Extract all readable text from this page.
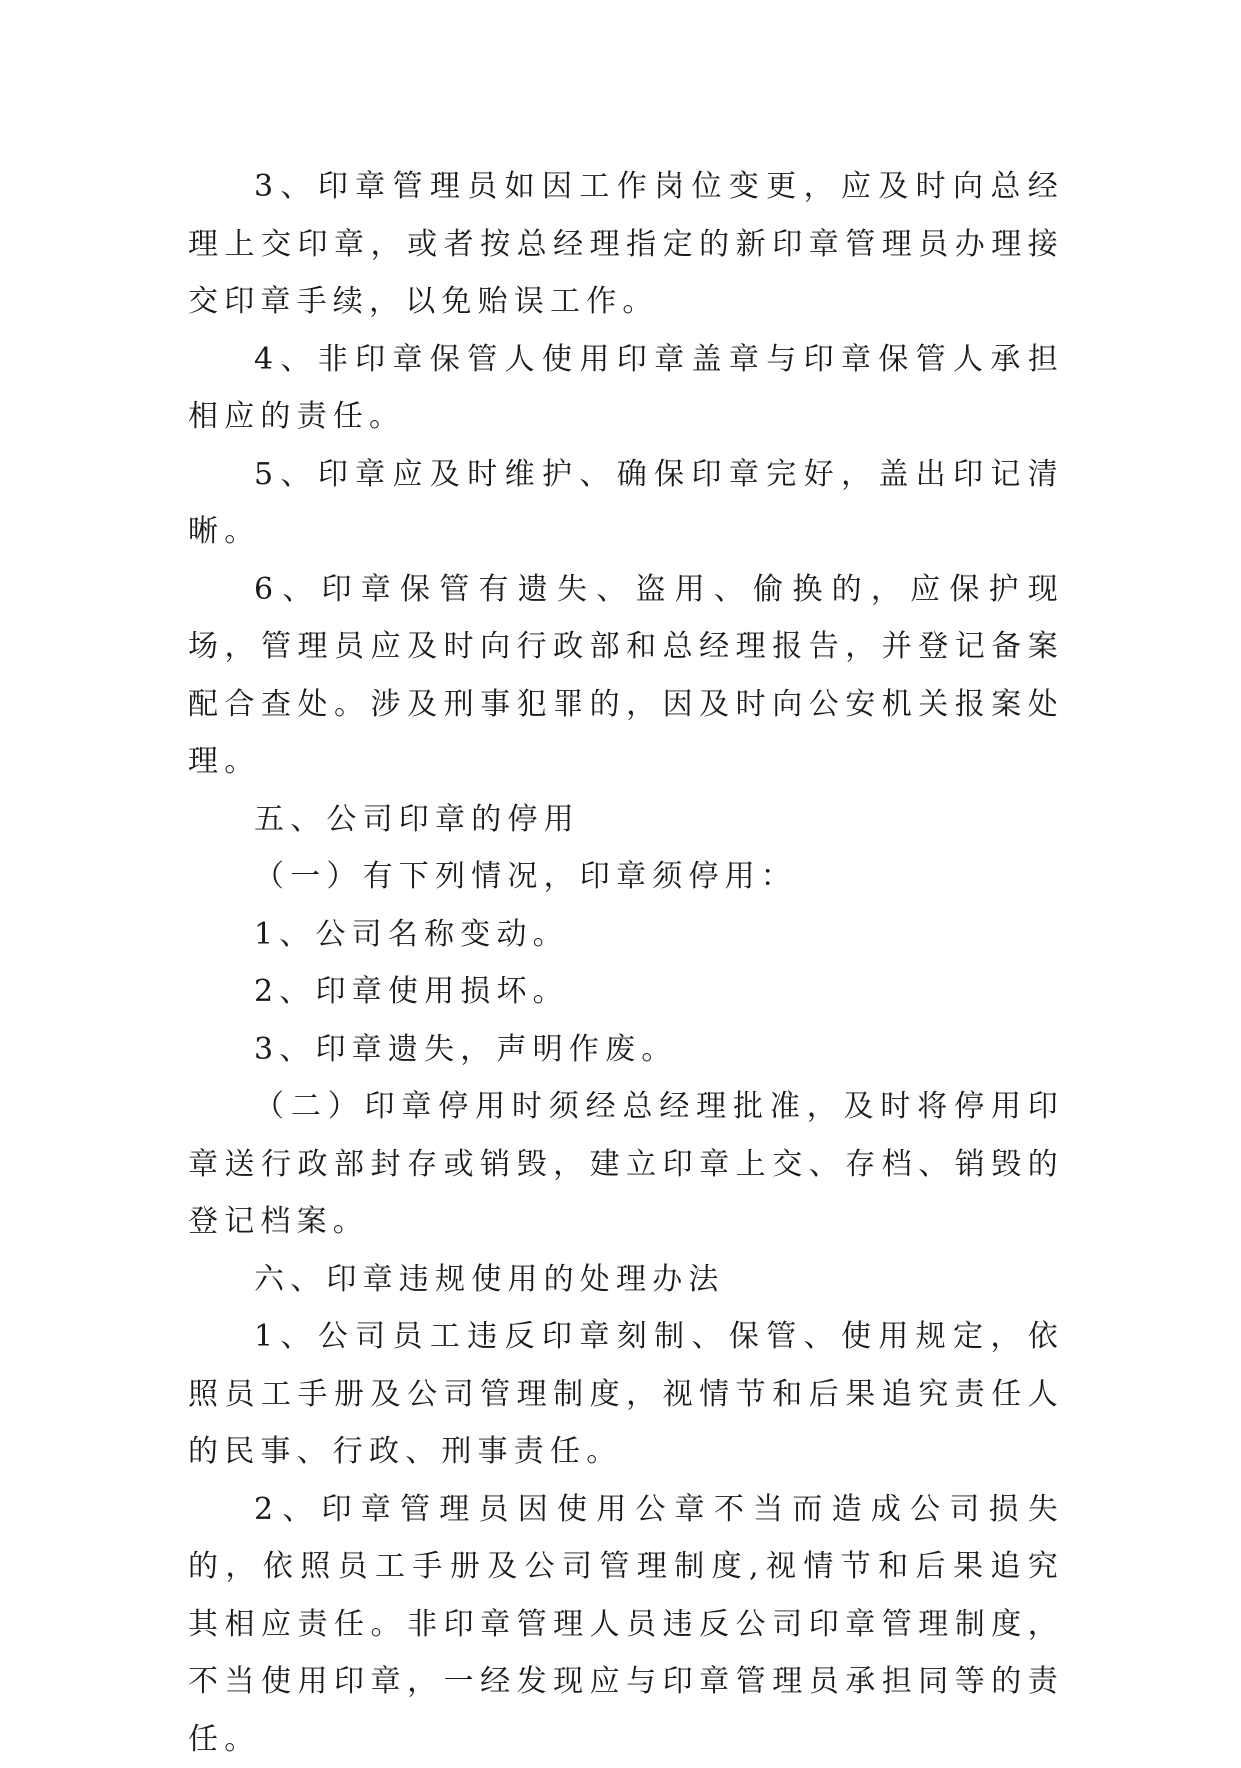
3、印章管理员如因工作岗位变更，应及时向总经理上交印章，或者按总经理指定的新印章管理员办理接交印章手续，以免贻误工作。

4、非印章保管人使用印章盖章与印章保管人承担相应的责任。

5、印章应及时维护、确保印章完好，盖出印记清晰。

6、印章保管有遗失、盗用、偷换的，应保护现场，管理员应及时向行政部和总经理报告，并登记备案配合查处。涉及刑事犯罪的，因及时向公安机关报案处理。

五、公司印章的停用

（一）有下列情况，印章须停用：

1、公司名称变动。

2、印章使用损坏。

3、印章遗失，声明作废。

（二）印章停用时须经总经理批准，及时将停用印章送行政部封存或销毁，建立印章上交、存档、销毁的登记档案。

六、印章违规使用的处理办法

1、公司员工违反印章刻制、保管、使用规定，依照员工手册及公司管理制度，视情节和后果追究责任人的民事、行政、刑事责任。

2、印章管理员因使用公章不当而造成公司损失的，依照员工手册及公司管理制度,视情节和后果追究其相应责任。非印章管理人员违反公司印章管理制度，不当使用印章，一经发现应与印章管理员承担同等的责任。
